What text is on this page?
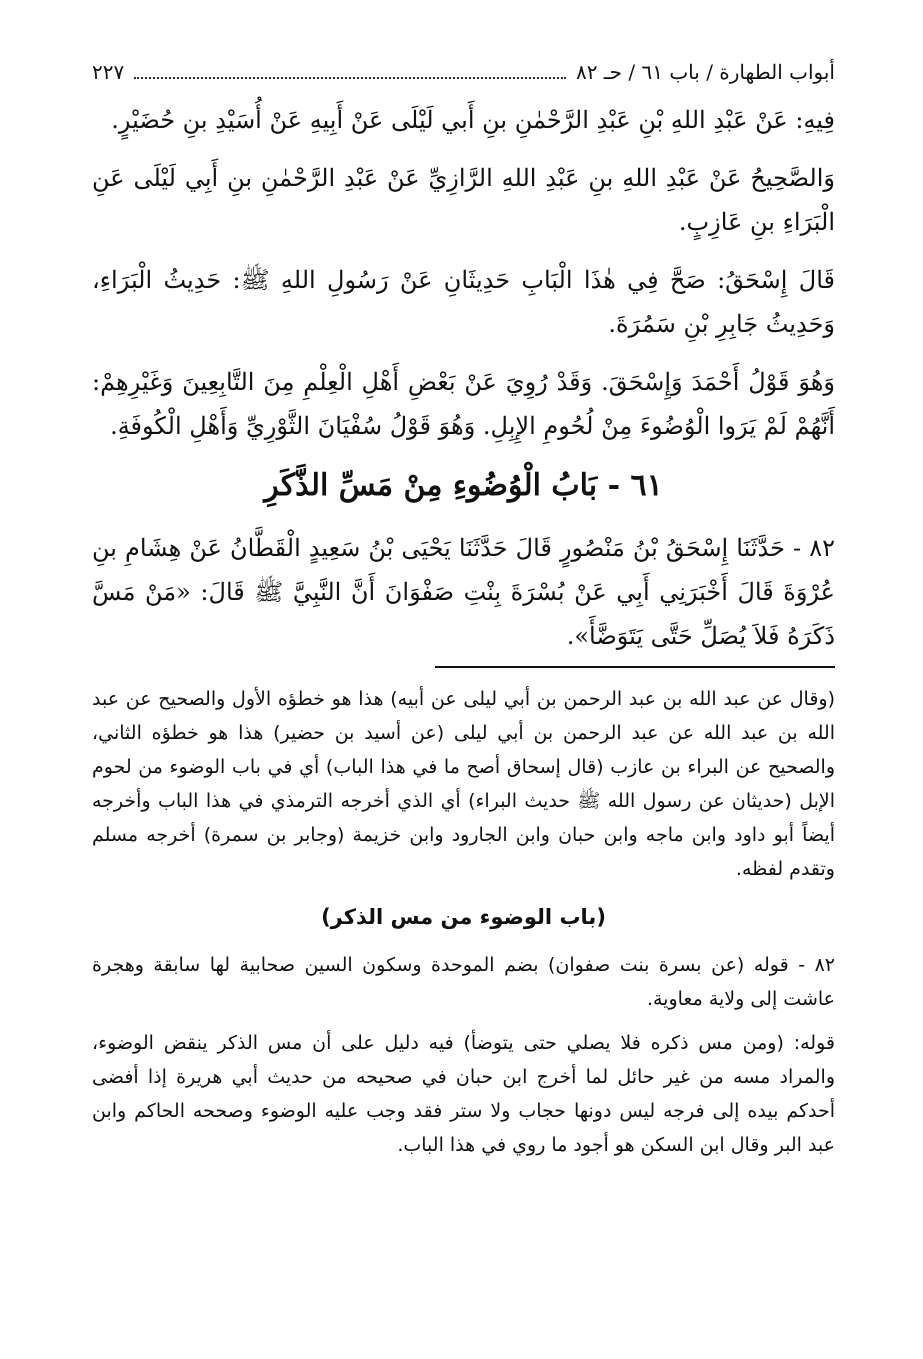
أبواب الطهارة / باب ٦١ / حـ ٨٢
٢٢٧

فِيهِ: عَنْ عَبْدِ اللهِ بْنِ عَبْدِ الرَّحْمٰنِ بنِ أَبي لَيْلَى عَنْ أَبِيهِ عَنْ أُسَيْدِ بنِ حُضَيْرٍ.

وَالصَّحِيحُ عَنْ عَبْدِ اللهِ بنِ عَبْدِ اللهِ الرَّازِيِّ عَنْ عَبْدِ الرَّحْمٰنِ بنِ أَبِي لَيْلَى عَنِ الْبَرَاءِ بنِ عَازِبٍ.

قَالَ إِسْحَقُ: صَحَّ فِي هٰذَا الْبَابِ حَدِيثَانِ عَنْ رَسُولِ اللهِ ﷺ: حَدِيثُ الْبَرَاءِ، وَحَدِيثُ جَابِرِ بْنِ سَمُرَةَ.

وَهُوَ قَوْلُ أَحْمَدَ وَإِسْحَقَ. وَقَدْ رُوِيَ عَنْ بَعْضِ أَهْلِ الْعِلْمِ مِنَ التَّابِعِينَ وَغَيْرِهِمْ: أَنَّهُمْ لَمْ يَرَوا الْوُضُوءَ مِنْ لُحُومِ الإِبِلِ. وَهُوَ قَوْلُ سُفْيَانَ الثَّوْرِيِّ وَأَهْلِ الْكُوفَةِ.

٦١ - بَابُ الْوُضُوءِ مِنْ مَسِّ الذَّكَرِ

٨٢ - حَدَّثَنَا إِسْحَقُ بْنُ مَنْصُورٍ قَالَ حَدَّثَنَا يَحْيَى بْنُ سَعِيدٍ الْقَطَّانُ عَنْ هِشَامِ بنِ عُرْوَةَ قَالَ أَخْبَرَنِي أَبِي عَنْ بُسْرَةَ بِنْتِ صَفْوَانَ أَنَّ النَّبِيَّ ﷺ قَالَ: «مَنْ مَسَّ ذَكَرَهُ فَلاَ يُصَلِّ حَتَّى يَتَوَضَّأَ».

(وقال عن عبد الله بن عبد الرحمن بن أبي ليلى عن أبيه) هذا هو خطؤه الأول والصحيح عن عبد الله بن عبد الله عن عبد الرحمن بن أبي ليلى (عن أسيد بن حضير) هذا هو خطؤه الثاني، والصحيح عن البراء بن عازب (قال إسحاق أصح ما في هذا الباب) أي في باب الوضوء من لحوم الإبل (حديثان عن رسول الله ﷺ حديث البراء) أي الذي أخرجه الترمذي في هذا الباب وأخرجه أيضاً أبو داود وابن ماجه وابن حبان وابن الجارود وابن خزيمة (وجابر بن سمرة) أخرجه مسلم وتقدم لفظه.

(باب الوضوء من مس الذكر)

٨٢ - قوله (عن بسرة بنت صفوان) بضم الموحدة وسكون السين صحابية لها سابقة وهجرة عاشت إلى ولاية معاوية.

قوله: (ومن مس ذكره فلا يصلي حتى يتوضأ) فيه دليل على أن مس الذكر ينقض الوضوء، والمراد مسه من غير حائل لما أخرج ابن حبان في صحيحه من حديث أبي هريرة إذا أفضى أحدكم بيده إلى فرجه ليس دونها حجاب ولا ستر فقد وجب عليه الوضوء وصححه الحاكم وابن عبد البر وقال ابن السكن هو أجود ما روي في هذا الباب.
